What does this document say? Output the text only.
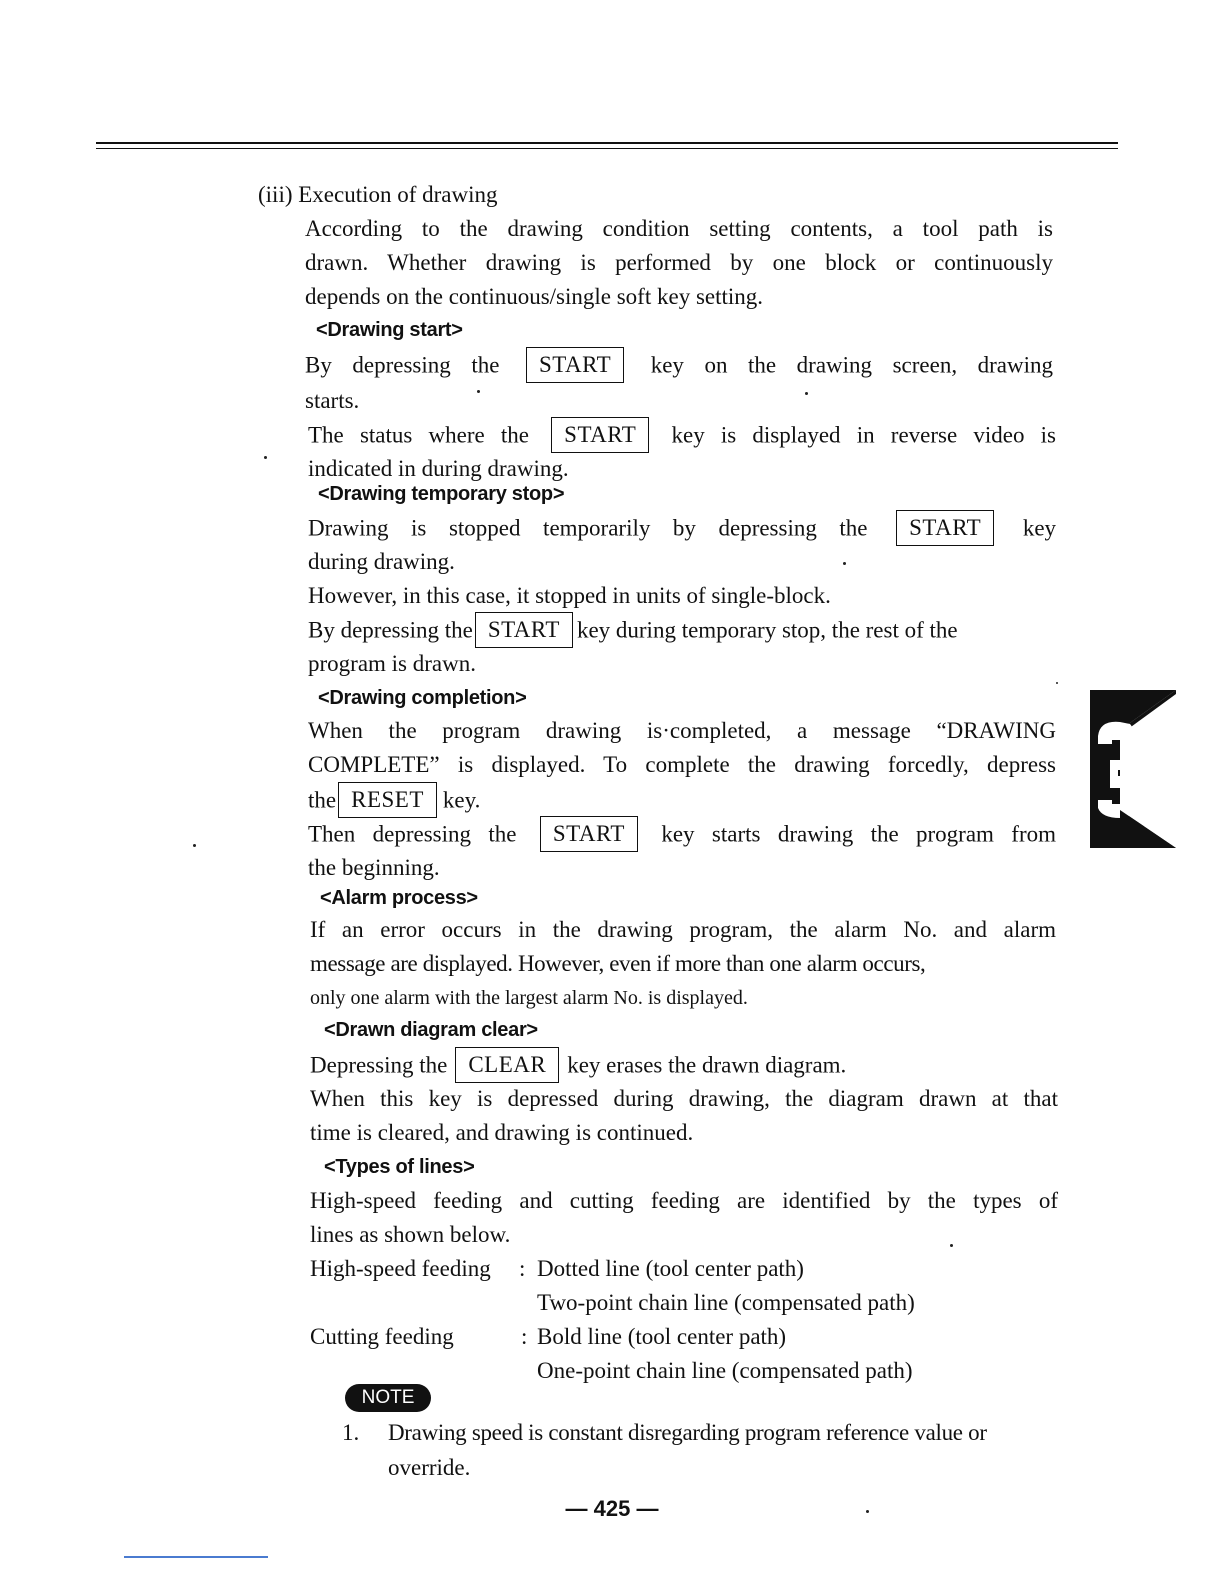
(iii) Execution of drawing
According to the drawing condition setting contents, a tool path is
drawn. Whether drawing is performed by one block or continuously
depends on the continuous/single soft key setting.
<Drawing start>
By depressing the START key on the drawing screen, drawing
starts.
The status where the START key is displayed in reverse video is
indicated in during drawing.
<Drawing temporary stop>
Drawing is stopped temporarily by depressing the START key
during drawing.
However, in this case, it stopped in units of single-block.
By depressing the START key during temporary stop, the rest of the
program is drawn.
<Drawing completion>
When the program drawing is·completed, a message “DRAWING
COMPLETE” is displayed. To complete the drawing forcedly, depress
the RESET key.
Then depressing the START key starts drawing the program from
the beginning.
<Alarm process>
If an error occurs in the drawing program, the alarm No. and alarm
message are displayed. However, even if more than one alarm occurs,
only one alarm with the largest alarm No. is displayed.
<Drawn diagram clear>
Depressing the CLEAR key erases the drawn diagram.
When this key is depressed during drawing, the diagram drawn at that
time is cleared, and drawing is continued.
<Types of lines>
High-speed feeding and cutting feeding are identified by the types of
lines as shown below.
High-speed feeding : Dotted line (tool center path)
Two-point chain line (compensated path)
Cutting feeding	: Bold line (tool center path)
One-point chain line (compensated path)
NOTE
1. Drawing speed is constant disregarding program reference value or
override.
— 425 —
